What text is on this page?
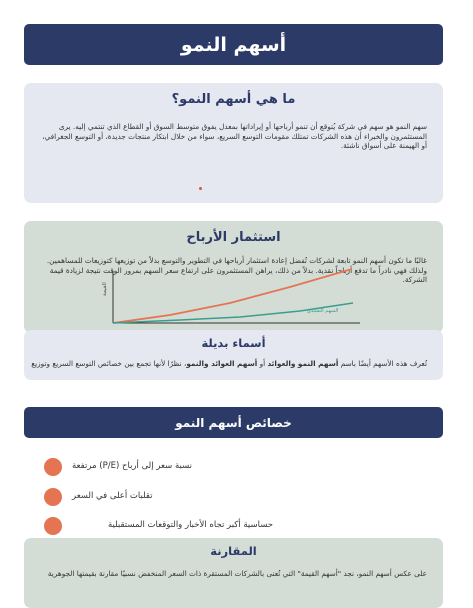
أسهم النمو
ما هي أسهم النمو؟

سهم النمو هو سهم في شركة يُتوقع أن تنمو أرباحها أو إيراداتها بمعدل يفوق متوسط السوق أو القطاع الذي تنتمي إليه. يرى المستثمرون والخبراء أن هذه الشركات تمتلك مقومات التوسع السريع، سواء من خلال ابتكار منتجات جديدة، أو التوسع الجغرافي، أو الهيمنة على أسواق ناشئة.

استثمار الأرباح

غالبًا ما تكون أسهم النمو تابعة لشركات تُفضل إعادة استثمار أرباحها في التطوير والتوسع بدلاً من توزيعها كتوزيعات للمساهمين. ولذلك فهي نادراً ما تدفع أرباحاً نقدية. بدلاً من ذلك، يراهن المستثمرون على ارتفاع سعر السهم بمرور الوقت نتيجة لزيادة قيمة الشركة.

القيمة
السهم التقليدي
أسماء بديلة

تُعرف هذه الأسهم أيضًا باسم أسهم النمو والعوائد أو أسهم العوائد والنمو، نظرًا لأنها تجمع بين خصائص التوسع السريع وتوزيع

خصائص أسهم النمو
نسبة سعر إلى أرباح (P/E) مرتفعة
تقلبات أعلى في السعر
حساسية أكبر تجاه الأخبار والتوقعات المستقبلية
المقارنة

على عكس أسهم النمو، نجد "أسهم القيمة" التي تُعنى بالشركات المستقرة ذات السعر المنخفض نسبيًا مقارنة بقيمتها الجوهرية
